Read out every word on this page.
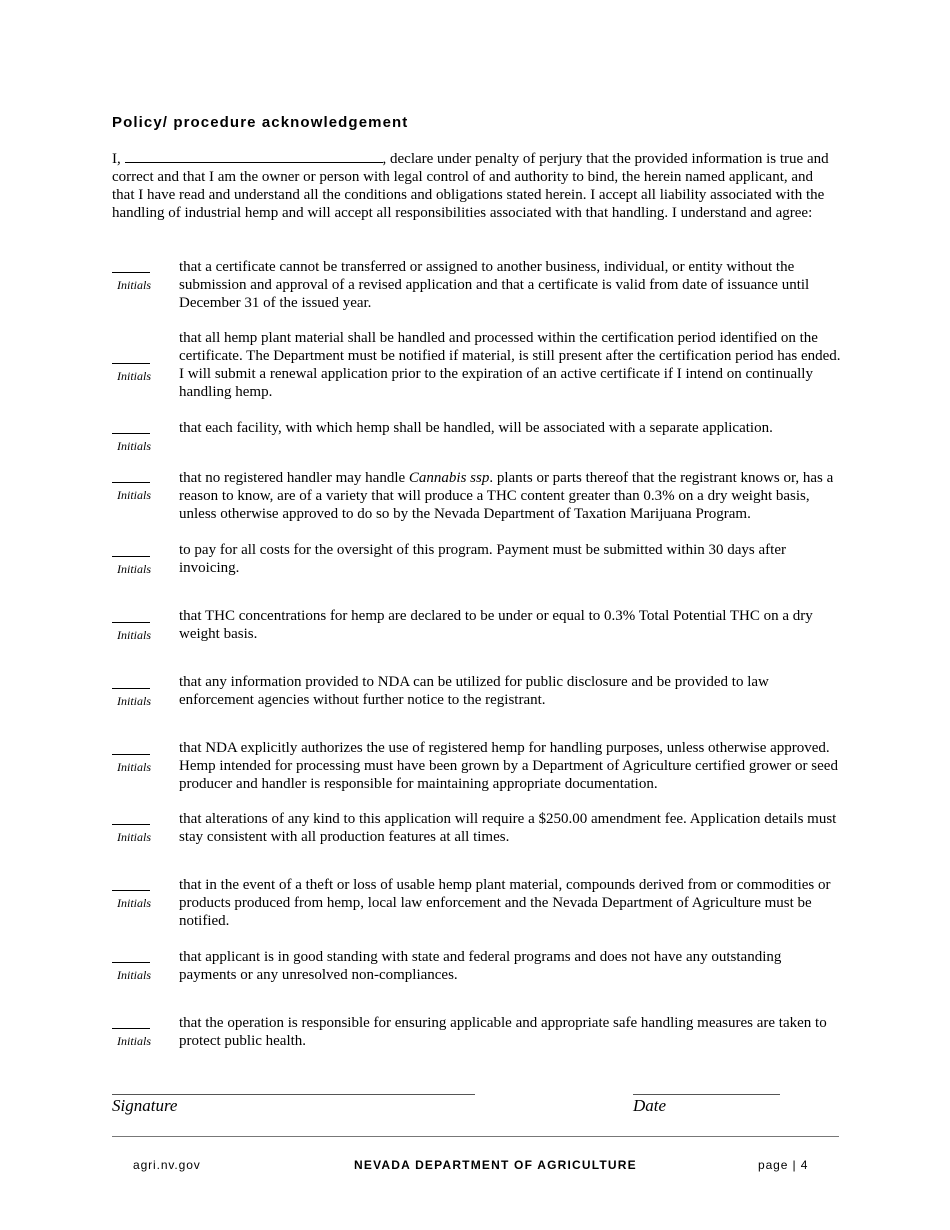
Policy/ procedure acknowledgement
I,	, declare under penalty of perjury that the provided information is true and correct and that I am the owner or person with legal control of and authority to bind, the herein named applicant, and that I have read and understand all the conditions and obligations stated herein. I accept all liability associated with the handling of industrial hemp and will accept all responsibilities associated with that handling. I understand and agree:
Initials
that a certificate cannot be transferred or assigned to another business, individual, or entity without the submission and approval of a revised application and that a certificate is valid from date of issuance until December 31 of the issued year.
Initials
that all hemp plant material shall be handled and processed within the certification period identified on the certificate. The Department must be notified if material, is still present after the certification period has ended. I will submit a renewal application prior to the expiration of an active certificate if I intend on continually handling hemp.
Initials
that each facility, with which hemp shall be handled, will be associated with a separate application.
Initials
that no registered handler may handle Cannabis ssp. plants or parts thereof that the registrant knows or, has a reason to know, are of a variety that will produce a THC content greater than 0.3% on a dry weight basis, unless otherwise approved to do so by the Nevada Department of Taxation Marijuana Program.
Initials
to pay for all costs for the oversight of this program. Payment must be submitted within 30 days after invoicing.
Initials
that THC concentrations for hemp are declared to be under or equal to 0.3% Total Potential THC on a dry weight basis.
Initials
that any information provided to NDA can be utilized for public disclosure and be provided to law enforcement agencies without further notice to the registrant.
Initials
that NDA explicitly authorizes the use of registered hemp for handling purposes, unless otherwise approved. Hemp intended for processing must have been grown by a Department of Agriculture certified grower or seed producer and handler is responsible for maintaining appropriate documentation.
Initials
that alterations of any kind to this application will require a $250.00 amendment fee. Application details must stay consistent with all production features at all times.
Initials
that in the event of a theft or loss of usable hemp plant material, compounds derived from or commodities or products produced from hemp, local law enforcement and the Nevada Department of Agriculture must be notified.
Initials
that applicant is in good standing with state and federal programs and does not have any outstanding payments or any unresolved non-compliances.
Initials
that the operation is responsible for ensuring applicable and appropriate safe handling measures are taken to protect public health.
Signature	Date
agri.nv.gov	NEVADA DEPARTMENT OF AGRICULTURE	page | 4
